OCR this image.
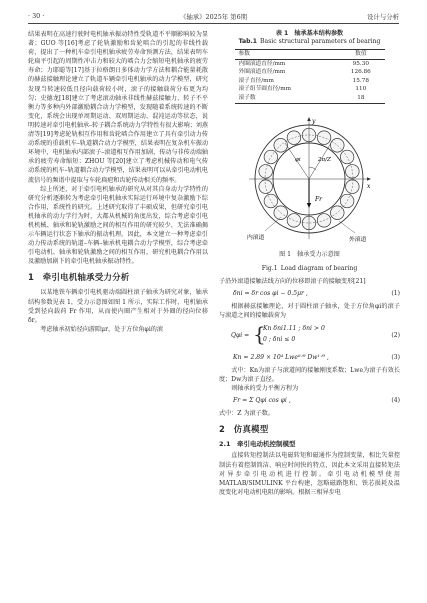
· 30 ·	《轴承》2025年 第6期	设计与分析

结果表明在高速行驶时电机轴承振动特性受轨道不平顺影响较为显著；GUO 等[16]考虑了轮轨激励和齿轮啮合的引起的非线性载荷，提出了一种机车牵引电机轴承疲劳寿命预测方法，结果表明车轮扁平引起的周期性冲击力和较大的啮合力会缩短电机轴承的疲劳寿命；力耶聪等[17]基于拉格朗日多体动力学方法和耦合能量耗散的赫兹接触理论建立了轨道车辆牵引电机轴承的动力学模型，研究发现当转速较低且径向载荷较小时，滚子的接触载荷分布更为均匀；史德龙[18]建立了考虑滚动轴承非线性赫兹接触力、转子不平衡力等多种内外部激励耦合动力学模型，发现随着系统转速的不断变化，系统会出现单周期运动、双周期运动、混沌运动等状态，说明转速对牵引电机轴承–转子耦合系统动力学特性有很大影响；刘燕清等[19]考虑轮轨相互作用和齿轮啮合作用建立了具有牵引动力传动系统的重载机车–轨道耦合动力学模型，结果表明在复杂机车振动环境中，电机轴承内部滚子–滚道相互作用加剧，传动与非传动端轴承的疲劳寿命缩短；ZHOU 等[20]建立了考虑机械传动和电气传动系统的机车–轨道耦合动力学模型，结果表明可以从牵引电动机电流信号的频谱中提取与车轮扁疤和齿轮传动相关的频率。

综上所述，对于牵引电机轴承的研究从对其自身动力学特性的研究分析逐渐转为考虑牵引电机轴承实际运行环境中复杂激励下综合作用，系统性的研究。上述研究取得了丰硕成果，但研究牵引电机轴承的动力学行为时，大都从机械的角度出发，综合考虑牵引电机机械、轴承和轮轨激励之间的相互作用的研究较少，无法准确揭示车辆运行状态下轴承的振动机理。因此，本文建立一种考虑牵引动力传动系统的轨道–车辆–轴承机电耦合动力学模型，综合考虑牵引电动机、轴承和轮轨激励之间的相互作用，研究机电耦合作用以及激励加剧下的牵引电机轴承振动特性。

1　牵引电机轴承受力分析

以某地铁车辆牵引电机驱动端圆柱滚子轴承为研究对象，轴承结构参数见表 1，受力示意图如图 1 所示，实际工作时，电机轴承受到径向载荷 Fr 作用，从而使内圈产生相对于外圈的径向位移 δr。

考虑轴承初始径向游隙μr，处于方位角φi的滚

表 1  轴承基本结构参数

Tab.1  Basic structural parameters of bearing

参数	数值
内圈滚道直径/mm	95.30
外圈滚道直径/mm	126.86
滚子直径/mm	15.78
滚子组节圆直径/mm	110
滚子数	18
Fr
φi	2π/Z
y
x
内滚道	外滚道

图 1  轴承受力示意图

Fig.1  Load diagram of bearing

子沿外滚道接触法线方向的位移即滚子的接触变形[21]

δni = δr cos φi − 0.5μr ,	(1)

根据赫兹接触理论，对于圆柱滚子轴承，处于方位角φi的滚子与滚道之间的接触载荷为

Qφi = {
Kn δni1.11 ; δni > 0
0 ; δni ≤ 0
(2)
Kn = 2.89 × 10⁴ Lwe⁸ᐟ⁹ Dw¹ᐟ⁹ ,	(3)

式中：Kn为滚子与滚道间的接触刚度系数；Lwe为滚子有效长度；Dw为滚子直径。

则轴承的受力平衡方程为

Fr = Σ Qφi cos φi ,	(4)

式中：Z 为滚子数。

2　仿真模型
2.1　牵引电动机控制模型

直接转矩控制法以电磁转矩和磁通作为控制变量，相比矢量控制法有着控制简洁、响应时间快的特点，因此本文采用直接转矩法对异步牵引电动机进行控制。牵引电动机模型使用 MATLAB/SIMULINK 平台构建，忽略磁路饱和、铁芯损耗及温度变化对电动机电阻的影响。根据三相异步电
